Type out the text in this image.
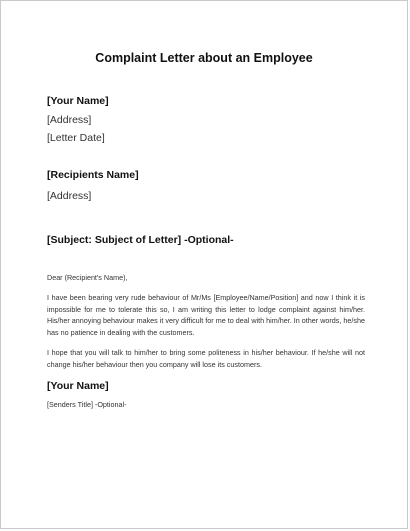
Complaint Letter about an Employee
[Your Name]
[Address]
[Letter Date]
[Recipients Name]
[Address]
[Subject: Subject of Letter] -Optional-
Dear (Recipient's Name),
I have been bearing very rude behaviour of Mr/Ms [Employee/Name/Position] and now I think it is impossible for me to tolerate this so, I am writing this letter to lodge complaint against him/her. His/her annoying behaviour makes it very difficult for me to deal with him/her. In other words, he/she has no patience in dealing with the customers.
I hope that you will talk to him/her to bring some politeness in his/her behaviour. If he/she will not change his/her behaviour then you company will lose its customers.
[Your Name]
[Senders Title] -Optional-
